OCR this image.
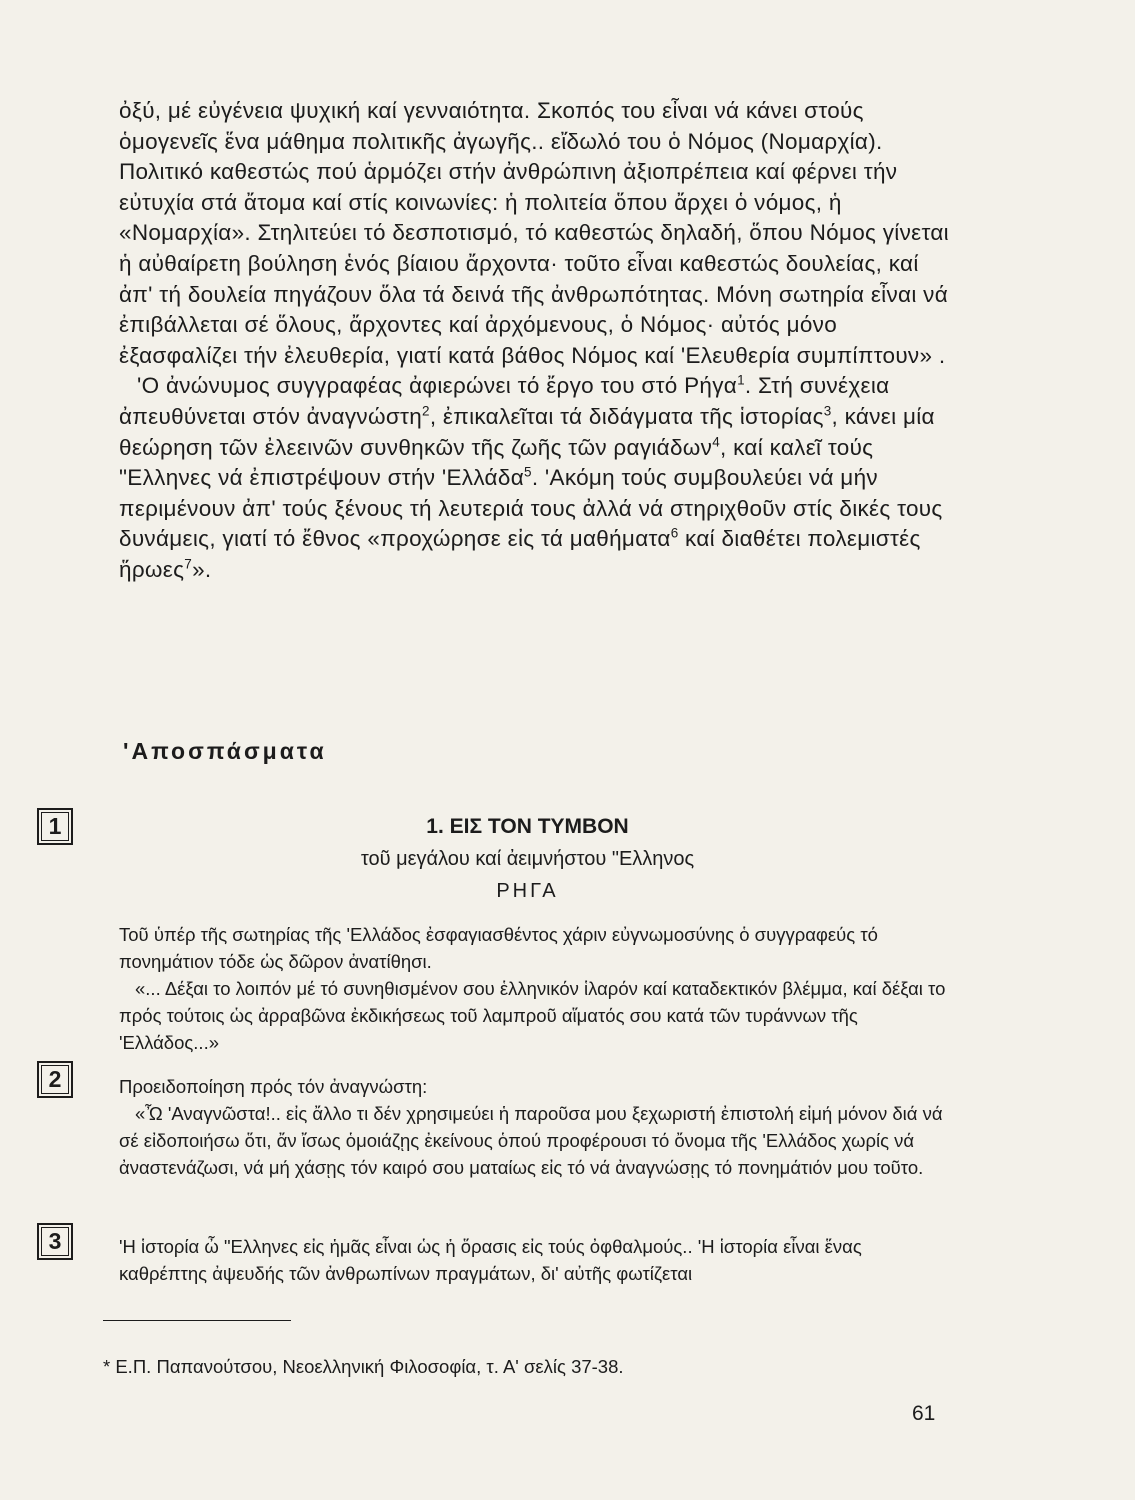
ὀξύ, μέ εὐγένεια ψυχική καί γενναιότητα. Σκοπός του εἶναι νά κάνει στούς ὁμογενεῖς ἕνα μάθημα πολιτικῆς ἀγωγῆς.. εἴδωλό του ὁ Νόμος (Νομαρχία). Πολιτικό καθεστώς πού ἁρμόζει στήν ἀνθρώπινη ἀξιοπρέπεια καί φέρνει τήν εὐτυχία στά ἄτομα καί στίς κοινωνίες: ἡ πολιτεία ὅπου ἄρχει ὁ νόμος, ἡ «Νομαρχία». Στηλιτεύει τό δεσποτισμό, τό καθεστώς δηλαδή, ὅπου Νόμος γίνεται ἡ αὐθαίρετη βούληση ἑνός βίαιου ἄρχοντα· τοῦτο εἶναι καθεστώς δουλείας, καί ἀπ' τή δουλεία πηγάζουν ὅλα τά δεινά τῆς ἀνθρωπότητας. Μόνη σωτηρία εἶναι νά ἐπιβάλλεται σέ ὅλους, ἄρχοντες καί ἀρχόμενους, ὁ Νόμος· αὐτός μόνο ἐξασφαλίζει τήν ἐλευθερία, γιατί κατά βάθος Νόμος καί 'Ελευθερία συμπίπτουν» .

'Ο ἀνώνυμος συγγραφέας ἀφιερώνει τό ἔργο του στό Ρήγα$^1$. Στή συνέχεια ἀπευθύνεται στόν ἀναγνώστη$^2$, ἐπικαλεῖται τά διδάγματα τῆς ἱστορίας$^3$, κάνει μία θεώρηση τῶν ἐλεεινῶν συνθηκῶν τῆς ζωῆς τῶν ραγιάδων$^4$, καί καλεῖ τούς "Ελληνες νά ἐπιστρέψουν στήν 'Ελλάδα$^5$. 'Ακόμη τούς συμβουλεύει νά μήν περιμένουν ἀπ' τούς ξένους τή λευτεριά τους ἀλλά νά στηριχθοῦν στίς δικές τους δυνάμεις, γιατί τό ἔθνος «προχώρησε εἰς τά μαθήματα$^6$ καί διαθέτει πολεμιστές ἥρωες$^7$».

'Αποσπάσματα
1
2
3

1. ΕΙΣ ΤΟΝ ΤΥΜΒΟΝ

τοῦ μεγάλου καί ἀειμνήστου "Ελληνος

ΡΗΓΑ

Τοῦ ὑπέρ τῆς σωτηρίας τῆς 'Ελλάδος ἐσφαγιασθέντος χάριν εὐγνωμοσύνης ὁ συγγραφεύς τό πονημάτιον τόδε ὡς δῶρον ἀνατίθησι.

«... Δέξαι το λοιπόν μέ τό συνηθισμένον σου ἑλληνικόν ἱλαρόν καί καταδεκτικόν βλέμμα, καί δέξαι το πρός τούτοις ὡς ἀρραβῶνα ἐκδικήσεως τοῦ λαμπροῦ αἵματός σου κατά τῶν τυράννων τῆς 'Ελλάδος...»

Προειδοποίηση πρός τόν ἀναγνώστη:

«Ὦ 'Αναγνῶστα!.. εἰς ἄλλο τι δέν χρησιμεύει ἡ παροῦσα μου ξεχωριστή ἐπιστολή εἰμή μόνον διά νά σέ εἰδοποιήσω ὅτι, ἄν ἴσως ὁμοιάζῃς ἐκείνους ὁπού προφέρουσι τό ὄνομα τῆς 'Ελλάδος χωρίς νά ἀναστενάζωσι, νά μή χάσῃς τόν καιρό σου ματαίως εἰς τό νά ἀναγνώσῃς τό πονημάτιόν μου τοῦτο.

'Η ἱστορία ὦ "Ελληνες εἰς ἡμᾶς εἶναι ὡς ἡ ὅρασις εἰς τούς ὀφθαλμούς.. 'Η ἱστορία εἶναι ἕνας καθρέπτης ἀψευδής τῶν ἀνθρωπίνων πραγμάτων, δι' αὐτῆς φωτίζεται

* Ε.Π. Παπανούτσου, Νεοελληνική Φιλοσοφία, τ. Α' σελίς 37-38.

61
